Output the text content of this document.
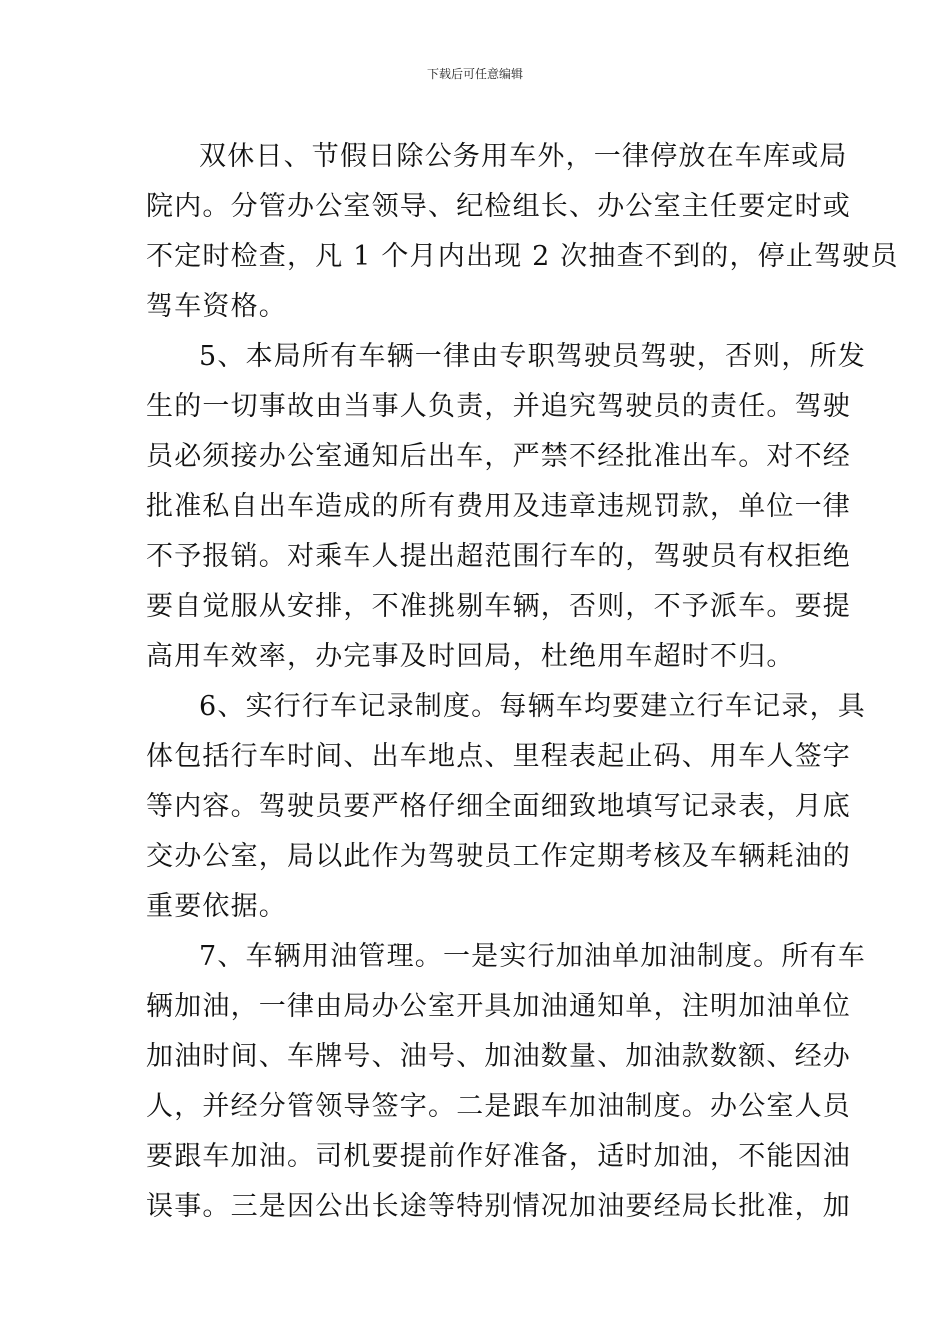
下载后可任意编辑
双休日、节假日除公务用车外，一律停放在车库或局
院内。分管办公室领导、纪检组长、办公室主任要定时或
不定时检查，凡 1 个月内出现 2 次抽查不到的，停止驾驶员
驾车资格。
5、本局所有车辆一律由专职驾驶员驾驶，否则，所发
生的一切事故由当事人负责，并追究驾驶员的责任。驾驶
员必须接办公室通知后出车，严禁不经批准出车。对不经
批准私自出车造成的所有费用及违章违规罚款，单位一律
不予报销。对乘车人提出超范围行车的，驾驶员有权拒绝
要自觉服从安排，不准挑剔车辆，否则，不予派车。要提
高用车效率，办完事及时回局，杜绝用车超时不归。
6、实行行车记录制度。每辆车均要建立行车记录，具
体包括行车时间、出车地点、里程表起止码、用车人签字
等内容。驾驶员要严格仔细全面细致地填写记录表，月底
交办公室，局以此作为驾驶员工作定期考核及车辆耗油的
重要依据。
7、车辆用油管理。一是实行加油单加油制度。所有车
辆加油，一律由局办公室开具加油通知单，注明加油单位
加油时间、车牌号、油号、加油数量、加油款数额、经办
人，并经分管领导签字。二是跟车加油制度。办公室人员
要跟车加油。司机要提前作好准备，适时加油，不能因油
误事。三是因公出长途等特别情况加油要经局长批准，加
